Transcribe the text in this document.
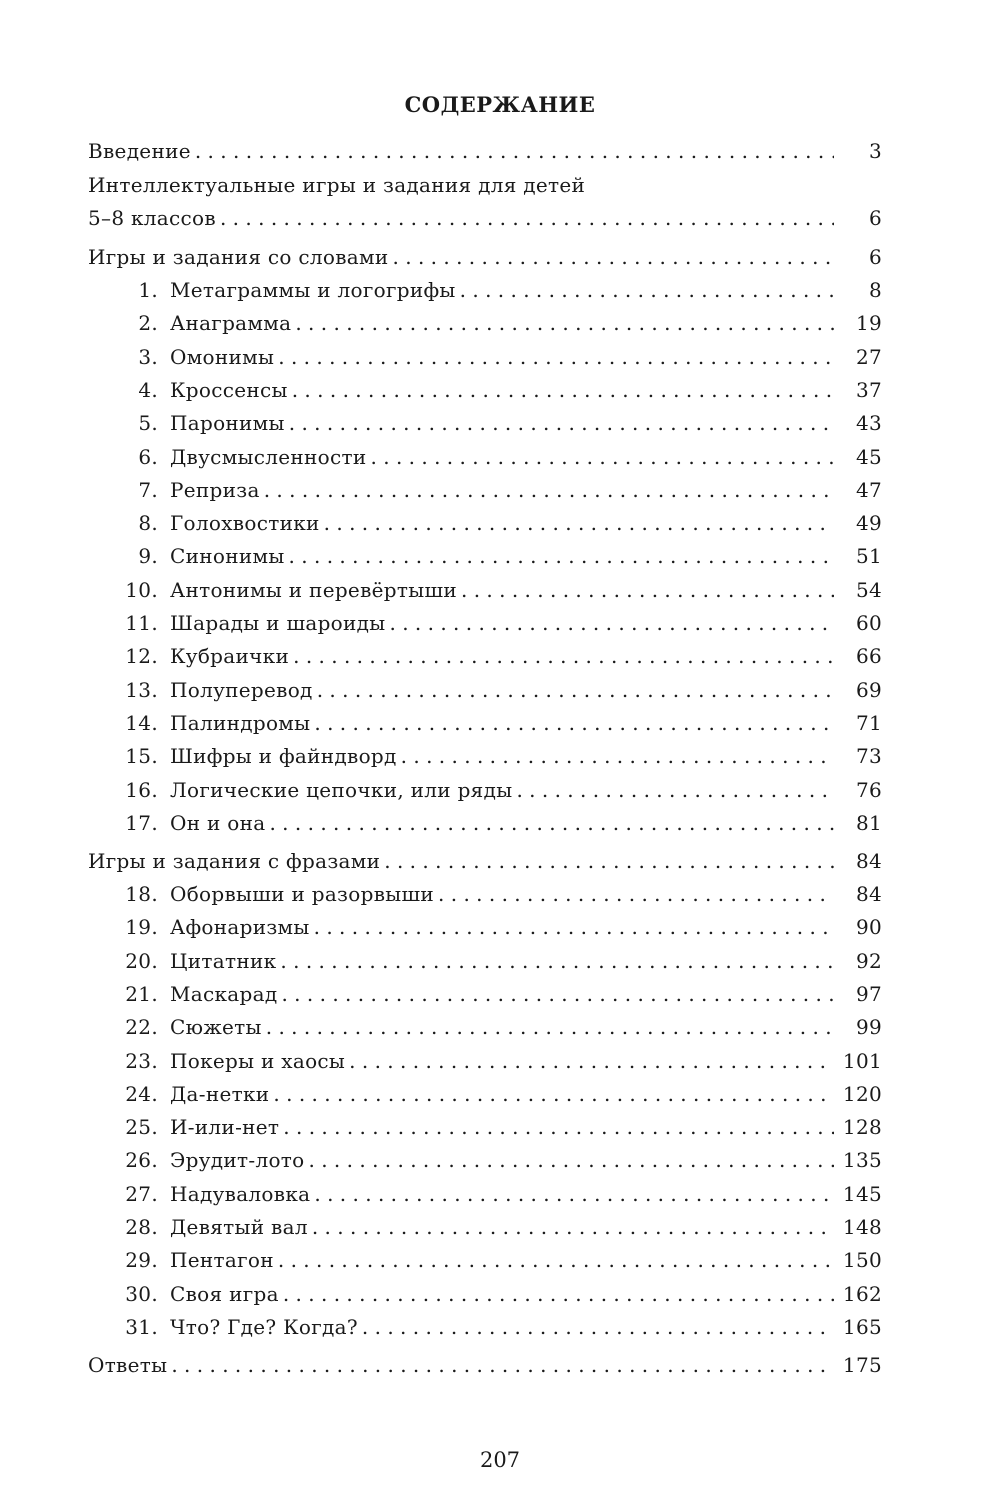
СОДЕРЖАНИЕ
Введение . . .	3
Интеллектуальные игры и задания для детей
5–8 классов . . .	6
Игры и задания со словами . . .	6
1. Метаграммы и логогрифы . . .	8
2. Анаграмма . . .	19
3. Омонимы . . .	27
4. Кроссенсы . . .	37
5. Паронимы . . .	43
6. Двусмысленности . . .	45
7. Реприза . . .	47
8. Голохвостики . . .	49
9. Синонимы . . .	51
10. Антонимы и перевёртыши . . .	54
11. Шарады и шароиды . . .	60
12. Кубраички . . .	66
13. Полуперевод . . .	69
14. Палиндромы . . .	71
15. Шифры и файндворд . . .	73
16. Логические цепочки, или ряды . . .	76
17. Он и она . . .	81
Игры и задания с фразами . . .	84
18. Оборвыши и разорвыши . . .	84
19. Афонаризмы . . .	90
20. Цитатник . . .	92
21. Маскарад . . .	97
22. Сюжеты . . .	99
23. Покеры и хаосы . . .	101
24. Да-нетки . . .	120
25. И-или-нет . . .	128
26. Эрудит-лото . . .	135
27. Надуваловка . . .	145
28. Девятый вал . . .	148
29. Пентагон . . .	150
30. Своя игра . . .	162
31. Что? Где? Когда? . . .	165
Ответы . . .	175
207
